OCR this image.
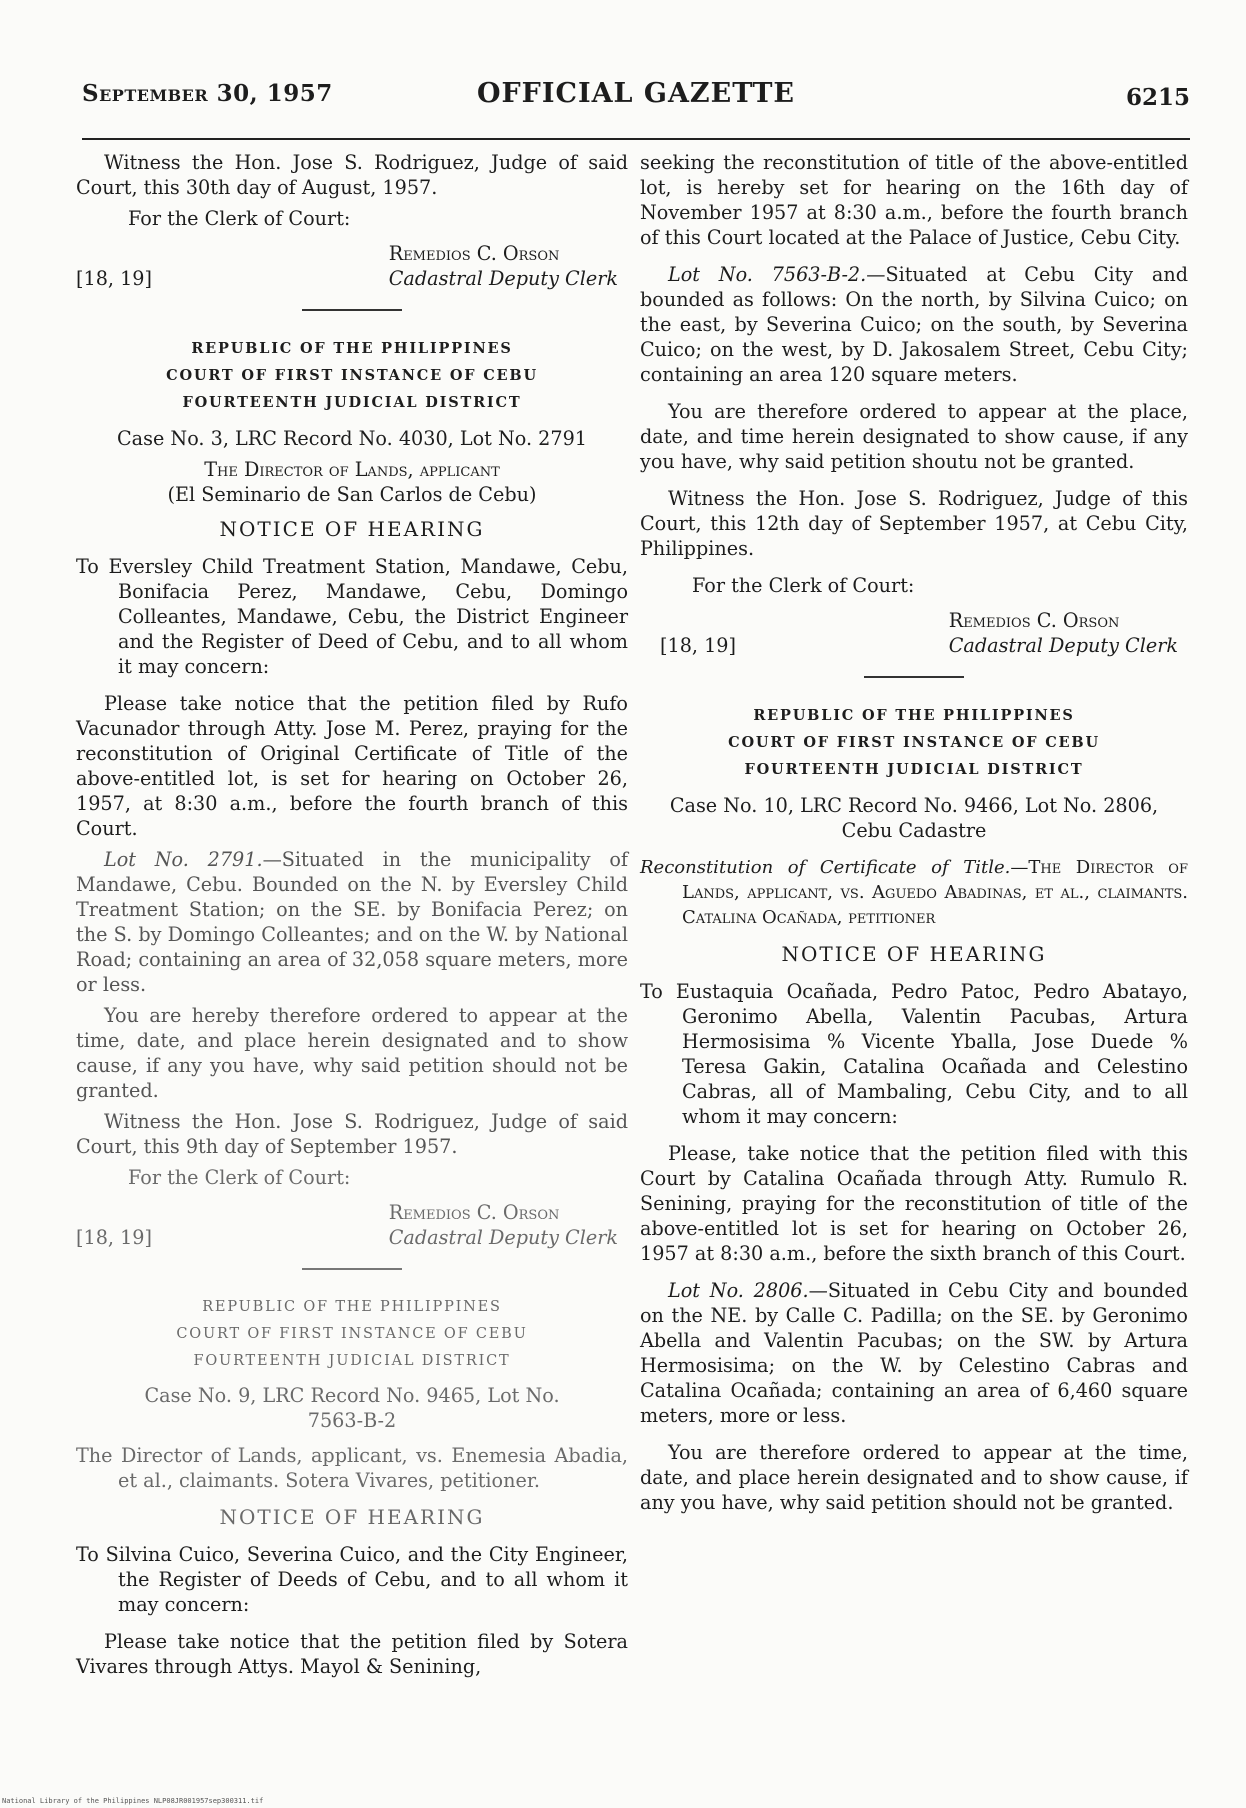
September 30, 1957	OFFICIAL GAZETTE	6215

Witness the Hon. Jose S. Rodriguez, Judge of said Court, this 30th day of August, 1957.

For the Clerk of Court:

[18, 19]
Remedios C. Orson
Cadastral Deputy Clerk
REPUBLIC OF THE PHILIPPINES
COURT OF FIRST INSTANCE OF CEBU
FOURTEENTH JUDICIAL DISTRICT

Case No. 3, LRC Record No. 4030, Lot No. 2791

The Director of Lands, applicant

(El Seminario de San Carlos de Cebu)

NOTICE OF HEARING

To Eversley Child Treatment Station, Mandawe, Cebu, Bonifacia Perez, Mandawe, Cebu, Domingo Colleantes, Mandawe, Cebu, the District Engineer and the Register of Deed of Cebu, and to all whom it may concern:

Please take notice that the petition filed by Rufo Vacunador through Atty. Jose M. Perez, praying for the reconstitution of Original Certificate of Title of the above-entitled lot, is set for hearing on October 26, 1957, at 8:30 a.m., before the fourth branch of this Court.

Lot No. 2791.—Situated in the municipality of Mandawe, Cebu. Bounded on the N. by Eversley Child Treatment Station; on the SE. by Bonifacia Perez; on the S. by Domingo Colleantes; and on the W. by National Road; containing an area of 32,058 square meters, more or less.

You are hereby therefore ordered to appear at the time, date, and place herein designated and to show cause, if any you have, why said petition should not be granted.

Witness the Hon. Jose S. Rodriguez, Judge of said Court, this 9th day of September 1957.

For the Clerk of Court:

[18, 19]
Remedios C. Orson
Cadastral Deputy Clerk
REPUBLIC OF THE PHILIPPINES
COURT OF FIRST INSTANCE OF CEBU
FOURTEENTH JUDICIAL DISTRICT

Case No. 9, LRC Record No. 9465, Lot No. 7563-B-2

The Director of Lands, applicant, vs. Enemesia Abadia, et al., claimants. Sotera Vivares, petitioner.

NOTICE OF HEARING

To Silvina Cuico, Severina Cuico, and the City Engineer, the Register of Deeds of Cebu, and to all whom it may concern:

Please take notice that the petition filed by Sotera Vivares through Attys. Mayol & Senining,

seeking the reconstitution of title of the above-entitled lot, is hereby set for hearing on the 16th day of November 1957 at 8:30 a.m., before the fourth branch of this Court located at the Palace of Justice, Cebu City.

Lot No. 7563-B-2.—Situated at Cebu City and bounded as follows: On the north, by Silvina Cuico; on the east, by Severina Cuico; on the south, by Severina Cuico; on the west, by D. Jakosalem Street, Cebu City; containing an area 120 square meters.

You are therefore ordered to appear at the place, date, and time herein designated to show cause, if any you have, why said petition shoutu not be granted.

Witness the Hon. Jose S. Rodriguez, Judge of this Court, this 12th day of September 1957, at Cebu City, Philippines.

For the Clerk of Court:

[18, 19]
Remedios C. Orson
Cadastral Deputy Clerk
REPUBLIC OF THE PHILIPPINES
COURT OF FIRST INSTANCE OF CEBU
FOURTEENTH JUDICIAL DISTRICT

Case No. 10, LRC Record No. 9466, Lot No. 2806,

Cebu Cadastre

Reconstitution of Certificate of Title.—The Director of Lands, applicant, vs. Aguedo Abadinas, et al., claimants. Catalina Ocañada, petitioner

NOTICE OF HEARING

To Eustaquia Ocañada, Pedro Patoc, Pedro Abatayo, Geronimo Abella, Valentin Pacubas, Artura Hermosisima % Vicente Yballa, Jose Duede % Teresa Gakin, Catalina Ocañada and Celestino Cabras, all of Mambaling, Cebu City, and to all whom it may concern:

Please, take notice that the petition filed with this Court by Catalina Ocañada through Atty. Rumulo R. Senining, praying for the reconstitution of title of the above-entitled lot is set for hearing on October 26, 1957 at 8:30 a.m., before the sixth branch of this Court.

Lot No. 2806.—Situated in Cebu City and bounded on the NE. by Calle C. Padilla; on the SE. by Geronimo Abella and Valentin Pacubas; on the SW. by Artura Hermosisima; on the W. by Celestino Cabras and Catalina Ocañada; containing an area of 6,460 square meters, more or less.

You are therefore ordered to appear at the time, date, and place herein designated and to show cause, if any you have, why said petition should not be granted.

National Library of the Philippines NLP08JR001957sep300311.tif
